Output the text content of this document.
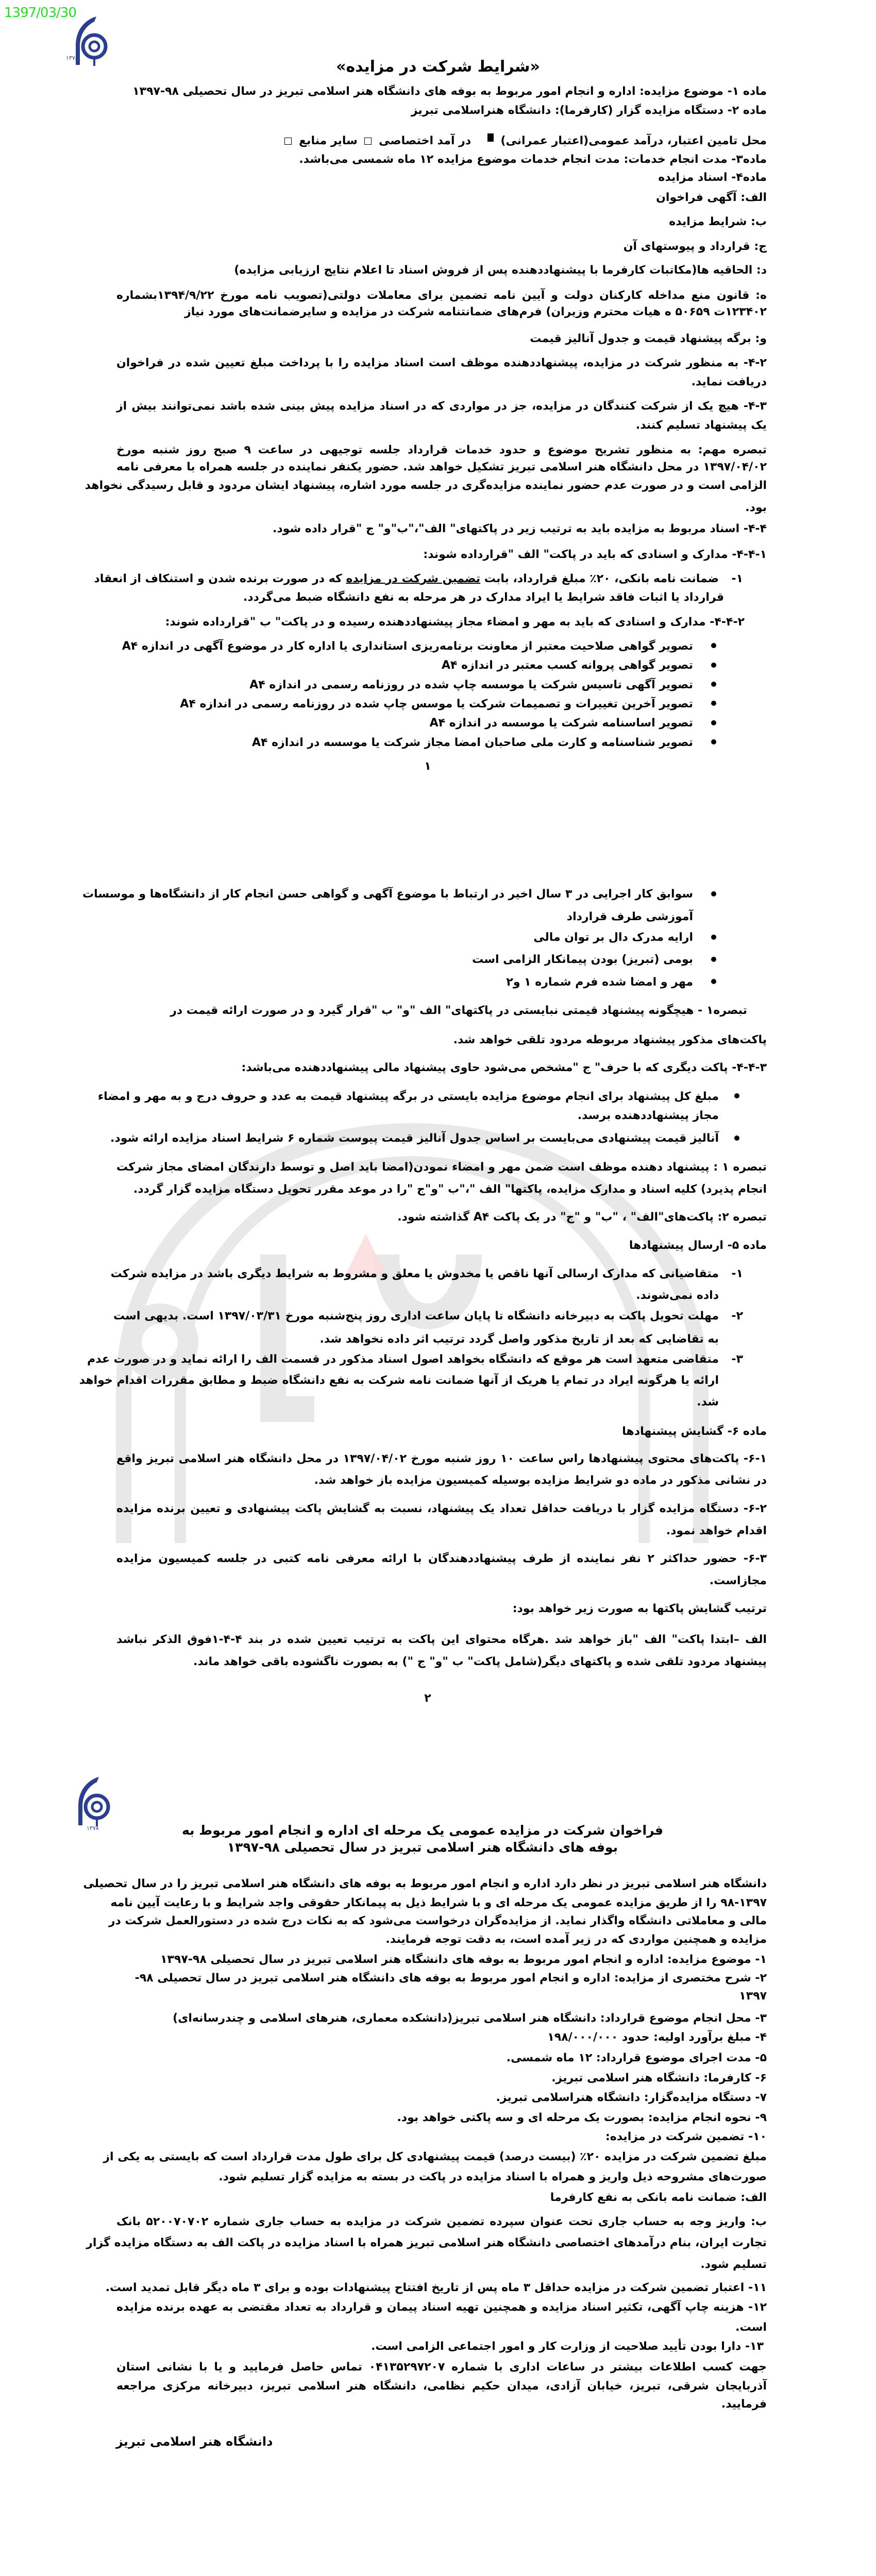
1397/03/30
۱۳۷۸	«شرایط شرکت در مزایده»
ماده ۱- موضوع مزایده: اداره و انجام امور مربوط به بوفه های دانشگاه هنر اسلامی تبریز در سال تحصیلی ۹۸-۱۳۹۷
ماده ۲- دستگاه مزایده گزار (کارفرما): دانشگاه هنراسلامی تبریز
محل تامین اعتبار، درآمد عمومی(اعتبار عمرانی)  در آمد اختصاصی  سایر منابع
ماده۳- مدت انجام خدمات: مدت انجام خدمات موضوع مزایده ۱۲ ماه شمسی می‌باشد.
ماده۴- اسناد مزایده
الف: آگهی فراخوان
ب: شرایط مزایده
ج: قرارداد و پیوستهای آن
د: الحاقیه ها(مکاتبات کارفرما با پیشنهاددهنده پس از فروش اسناد تا اعلام نتایج ارزیابی مزایده)
ه: قانون منع مداخله کارکنان دولت و آیین نامه تضمین برای معاملات دولتی(تصویب نامه مورخ ۱۳۹۴/۹/۲۲بشماره
۱۲۳۴۰۲ت ۵۰۶۵۹ ه هیات محترم وزیران) فرم‌های ضمانتنامه شرکت در مزایده و سایرضمانت‌های مورد نیاز
و: برگه پیشنهاد قیمت و جدول آنالیز قیمت
۴-۲- به منظور شرکت در مزایده، پیشنهاددهنده موظف است اسناد مزایده را با پرداخت مبلغ تعیین شده در فراخوان
دریافت نماید.
۴-۳- هیچ یک از شرکت کنندگان در مزایده، جز در مواردی که در اسناد مزایده پیش بینی شده باشد نمی‌توانند بیش از
یک پیشنهاد تسلیم کنند.
تبصره مهم: به منظور تشریح موضوع و حدود خدمات قرارداد جلسه توجیهی در ساعت ۹ صبح روز شنبه مورخ
۱۳۹۷/۰۴/۰۲ در محل دانشگاه هنر اسلامی تبریز تشکیل خواهد شد. حضور یکنفر نماینده در جلسه همراه با معرفی نامه
الزامی است و در صورت عدم حضور نماینده مزایده‌گری در جلسه مورد اشاره، پیشنهاد ایشان مردود و قابل رسیدگی نخواهد
بود.
۴-۴- اسناد مربوط به مزایده باید به ترتیب زیر در پاکتهای" الف"،"ب"و" ج "قرار داده شود.
۴-۴-۱- مدارک و اسنادی که باید در پاکت" الف "قرارداده شوند:
۱-
ضمانت نامه بانکی، ۲۰٪ مبلغ قرارداد، بابت تضمین شرکت در مزایده که در صورت برنده شدن و استنکاف از انعقاد
قرارداد یا اثبات فاقد شرایط یا ایراد مدارک در هر مرحله به نفع دانشگاه ضبط می‌گردد.
۴-۴-۲- مدارک و اسنادی که باید به مهر و امضاء مجاز پیشنهاددهنده رسیده و در پاکت" ب "قرارداده شوند:
تصویر گواهی صلاحیت معتبر از معاونت برنامه‌ریزی استانداری یا اداره کار در موضوع آگهی در اندازه A۴
تصویر گواهی پروانه کسب معتبر در اندازه A۴
تصویر آگهی تاسیس شرکت یا موسسه چاپ شده در روزنامه رسمی در اندازه A۴
تصویر آخرین تغییرات و تصمیمات شرکت یا موسس چاپ شده در روزنامه رسمی در اندازه A۴
تصویر اساسنامه شرکت یا موسسه در اندازه A۴
تصویر شناسنامه و کارت ملی صاحبان امضا مجاز شرکت یا موسسه در اندازه A۴
۱
سوابق کار اجرایی در ۳ سال اخیر در ارتباط با موضوع آگهی و گواهی حسن انجام کار از دانشگاه‌ها و موسسات
آموزشی طرف قرارداد
ارایه مدرک دال بر توان مالی
بومی (تبریز) بودن پیمانکار الزامی است
مهر و امضا شده فرم شماره ۱ و۲
تبصره۱ - هیچگونه پیشنهاد قیمتی نبایستی در پاکتهای" الف "و" ب "قرار گیرد و در صورت ارائه قیمت در
پاکت‌های مذکور پیشنهاد مربوطه مردود تلقی خواهد شد.
۴-۴-۳- پاکت دیگری که با حرف" ج "مشخص می‌شود حاوی پیشنهاد مالی پیشنهاددهنده می‌باشد:
مبلغ کل پیشنهاد برای انجام موضوع مزایده بایستی در برگه پیشنهاد قیمت به عدد و حروف درج و به مهر و امضاء
مجاز پیشنهاددهنده برسد.
آنالیز قیمت پیشنهادی می‌بایست بر اساس جدول آنالیز قیمت پیوست شماره ۶ شرایط اسناد مزایده ارائه شود.
تبصره ۱ : پیشنهاد دهنده موظف است ضمن مهر و امضاء نمودن(امضا باید اصل و توسط دارندگان امضای مجاز شرکت
انجام پذیرد) کلیه اسناد و مدارک مزایده، پاکتها" الف "،"ب "و"ج "را در موعد مقرر تحویل دستگاه مزایده گزار گردد.
تبصره ۲: پاکت‌های"الف" ، "ب" و "ج" در یک پاکت A۴ گذاشته شود.
ماده ۵- ارسال پیشنهادها
۱-
متقاضیانی که مدارک ارسالی آنها ناقص یا مخدوش یا معلق و مشروط به شرایط دیگری باشد در مزایده شرکت
داده نمی‌شوند.
۲-
مهلت تحویل پاکت به دبیرخانه دانشگاه تا پایان ساعت اداری روز پنج‌شنبه مورخ ۱۳۹۷/۰۳/۳۱ است. بدیهی است
به تقاضایی که بعد از تاریخ مذکور واصل گردد ترتیب اثر داده نخواهد شد.
۳-
متقاضی متعهد است هر موقع که دانشگاه بخواهد اصول اسناد مذکور در قسمت الف را ارائه نماید و در صورت عدم
ارائه یا هرگونه ایراد در تمام یا هریک از آنها ضمانت نامه شرکت به نفع دانشگاه ضبط و مطابق مقررات اقدام خواهد
شد.
ماده ۶- گشایش پیشنهادها
۶-۱- پاکت‌های محتوی پیشنهادها راس ساعت ۱۰ روز شنبه مورخ ۱۳۹۷/۰۴/۰۲ در محل دانشگاه هنر اسلامی تبریز واقع
در نشانی مذکور در ماده دو شرایط مزایده بوسیله کمیسیون مزایده باز خواهد شد.
۶-۲- دستگاه مزایده گزار با دریافت حداقل تعداد یک پیشنهاد، نسبت به گشایش پاکت پیشنهادی و تعیین برنده مزایده
اقدام خواهد نمود.
۶-۳- حضور حداکثر ۲ نفر نماینده از طرف پیشنهاددهندگان با ارائه معرفی نامه کتبی در جلسه کمیسیون مزایده
مجازاست.
ترتیب گشایش پاکتها به صورت زیر خواهد بود:
الف –ابتدا پاکت" الف "باز خواهد شد .هرگاه محتوای این پاکت به ترتیب تعیین شده در بند ۴-۴-۱فوق الذکر نباشد
پیشنهاد مردود تلقی شده و پاکتهای دیگر(شامل پاکت" ب "و" ج ") به بصورت ناگشوده باقی خواهد ماند.
۲
۱۳۷۸	فراخوان شرکت در مزایده عمومی یک مرحله ای اداره و انجام امور مربوط به
بوفه های دانشگاه هنر اسلامی تبریز در سال تحصیلی ۹۸-۱۳۹۷
دانشگاه هنر اسلامی تبریز در نظر دارد اداره و انجام امور مربوط به بوفه های دانشگاه هنر اسلامی تبریز را در سال تحصیلی
۹۸-۱۳۹۷ را از طریق مزایده عمومی یک مرحله ای و با شرایط ذیل به پیمانکار حقوقی واجد شرایط و با رعایت آیین نامه
مالی و معاملاتی دانشگاه واگذار نماید. از مزایده‌گران درخواست می‌شود که به نکات درج شده در دستورالعمل شرکت در
مزایده و همچنین مواردی که در زیر آمده است، به دقت توجه فرمایند.
۱- موضوع مزایده: اداره و انجام امور مربوط به بوفه های دانشگاه هنر اسلامی تبریز در سال تحصیلی ۹۸-۱۳۹۷
۲- شرح مختصری از مزایده: اداره و انجام امور مربوط به بوفه های دانشگاه هنر اسلامی تبریز در سال تحصیلی ۹۸-
۱۳۹۷
۳- محل انجام موضوع قرارداد: دانشگاه هنر اسلامی تبریز(دانشکده معماری، هنرهای اسلامی و چندرسانه‌ای)
۴- مبلغ برآورد اولیه: حدود ۱۹۸/۰۰۰/۰۰۰
۵- مدت اجرای موضوع قرارداد: ۱۲ ماه شمسی.
۶- کارفرما: دانشگاه هنر اسلامی تبریز.
۷- دستگاه مزایده‌گزار: دانشگاه هنراسلامی تبریز.
۹- نحوه انجام مزایده: بصورت یک مرحله ای و سه پاکتی خواهد بود.
۱۰- تضمین شرکت در مزایده:
مبلغ تضمین شرکت در مزایده ۲۰٪ (بیست درصد) قیمت پیشنهادی کل برای طول مدت قرارداد است که بایستی به یکی از
صورت‌های مشروحه ذیل واریز و همراه با اسناد مزایده در پاکت در بسته به مزایده گزار تسلیم شود.
الف: ضمانت نامه بانکی به نفع کارفرما
ب: واریز وجه به حساب جاری تحت عنوان سپرده تضمین شرکت در مزایده به حساب جاری شماره ۵۲۰۰۷۰۷۰۲ بانک
تجارت ایران، بنام درآمدهای اختصاصی دانشگاه هنر اسلامی تبریز همراه با اسناد مزایده در پاکت الف به دستگاه مزایده گزار
تسلیم شود.
۱۱- اعتبار تضمین شرکت در مزایده حداقل ۳ ماه پس از تاریخ افتتاح پیشنهادات بوده و برای ۳ ماه دیگر قابل تمدید است.
۱۲- هزینه چاپ آگهی، تکثیر اسناد مزایده و همچنین تهیه اسناد پیمان و قرارداد به تعداد مقتضی به عهده برنده مزایده
است.
۱۳- دارا بودن تأیید صلاحیت از وزارت کار و امور اجتماعی الزامی است.
جهت کسب اطلاعات بیشتر در ساعات اداری با شماره ۰۴۱۳۵۲۹۷۲۰۷ تماس حاصل فرمایید و یا با نشانی استان
آذربایجان شرقی، تبریز، خیابان آزادی، میدان حکیم نظامی، دانشگاه هنر اسلامی تبریز، دبیرخانه مرکزی مراجعه
فرمایید.
دانشگاه هنر اسلامی تبریز
